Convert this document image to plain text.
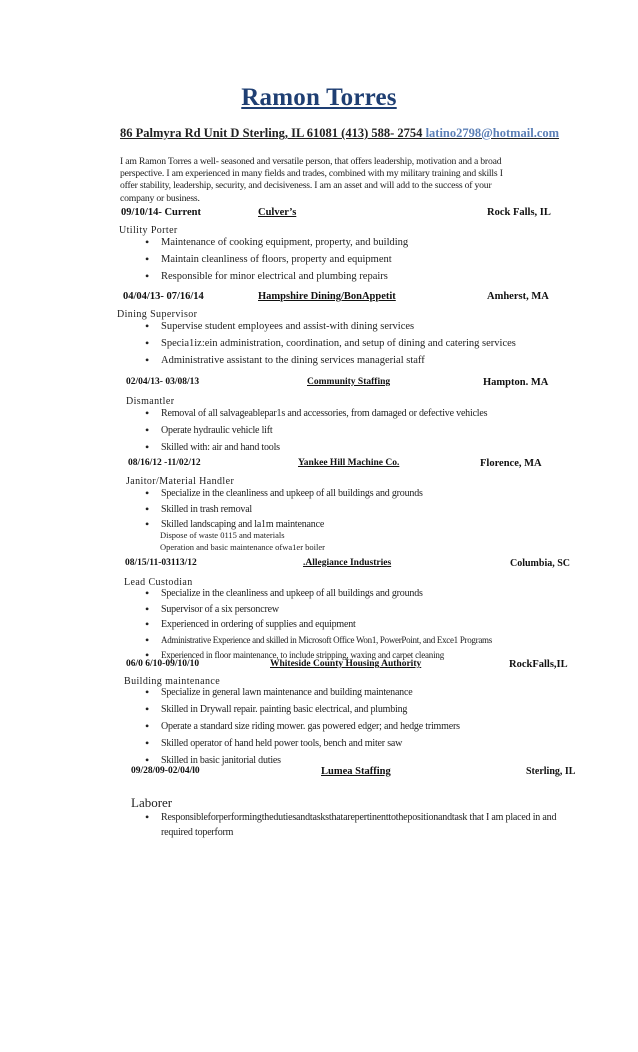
Ramon Torres
86 Palmyra Rd Unit D Sterling, IL 61081 (413) 588- 2754 latino2798@hotmail.com
I am Ramon Torres a well- seasoned and versatile person, that offers leadership, motivation and a broad perspective. I am experienced in many fields and trades, combined with my military training and skills I offer stability, leadership, security, and decisiveness. I am an asset and will add to the success of your company or business.
09/10/14- Current	Culver’s	Rock Falls, IL
Utility Porter
• Maintenance of cooking equipment, property, and building
• Maintain cleanliness of floors, property and equipment
• Responsible for minor electrical and plumbing repairs
04/04/13- 07/16/14	Hampshire Dining/BonAppetit	Amherst, MA
Dining Supervisor
• Supervise student employees and assist-with dining services
• Specia1iz:ein administration, coordination, and setup of dining and catering services
• Administrative assistant to the dining services managerial staff
02/04/13- 03/08/13	Community Staffing	Hampton. MA
Dismantler
• Removal of all salvageablepar1s and accessories, from damaged or defective vehicles
• Operate hydraulic vehicle lift
• Skilled with: air and hand tools
08/16/12 -11/02/12	Yankee Hill Machine Co.	Florence, MA
Janitor/Material Handler
• Specialize in the cleanliness and upkeep of all buildings and grounds
• Skilled in trash removal
• Skilled landscaping and la1m maintenance
Dispose of waste 0115 and materials
Operation and basic maintenance ofwa1er boiler
08/15/11-03113/12	.Allegiance Industries	Columbia, SC
Lead Custodian
• Specialize in the cleanliness and upkeep of all buildings and grounds
• Supervisor of a six personcrew
• Experienced in ordering of supplies and equipment
• Administrative Experience and skilled in Microsoft Office Won1, PowerPoint, and Exce1 Programs
• Experienced in floor maintenance, to include stripping, waxing and carpet cleaning
06/0 6/10-09/10/10	Whiteside County Housing Authority	RockFalls,IL
Building maintenance
• Specialize in general lawn maintenance and building maintenance
• Skilled in Drywall repair. painting basic electrical, and plumbing
• Operate a standard size riding mower. gas powered edger; and hedge trimmers
• Skilled operator of hand held power tools, bench and miter saw
• Skilled in basic janitorial duties
09/28/09-02/04/l0	Lumea Staffing	Sterling, IL
Laborer
• Responsibleforperformingthedutiesandtasksthatarepertinenttothepositionandtask that I am placed in and required toperform
